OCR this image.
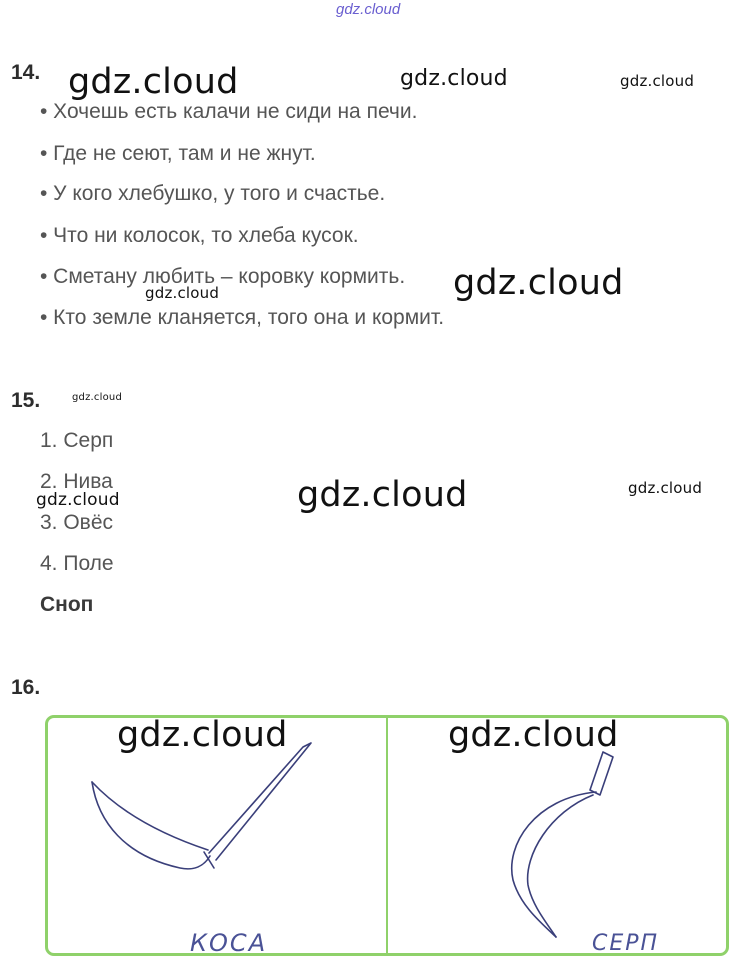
gdz.cloud
14.
• Хочешь есть калачи не сиди на печи.
• Где не сеют, там и не жнут.
• У кого хлебушко, у того и счастье.
• Что ни колосок, то хлеба кусок.
• Сметану любить – коровку кормить.
• Кто земле кланяется, того она и кормит.
15.
1. Серп
2. Нива
3. Овёс
4. Поле
Сноп
16.
КОСА	СЕРП
gdz.cloud	gdz.cloud	gdz.cloud
gdz.cloud
gdz.cloud
gdz.cloud
gdz.cloud	gdz.cloud
gdz.cloud
gdz.cloud	gdz.cloud
